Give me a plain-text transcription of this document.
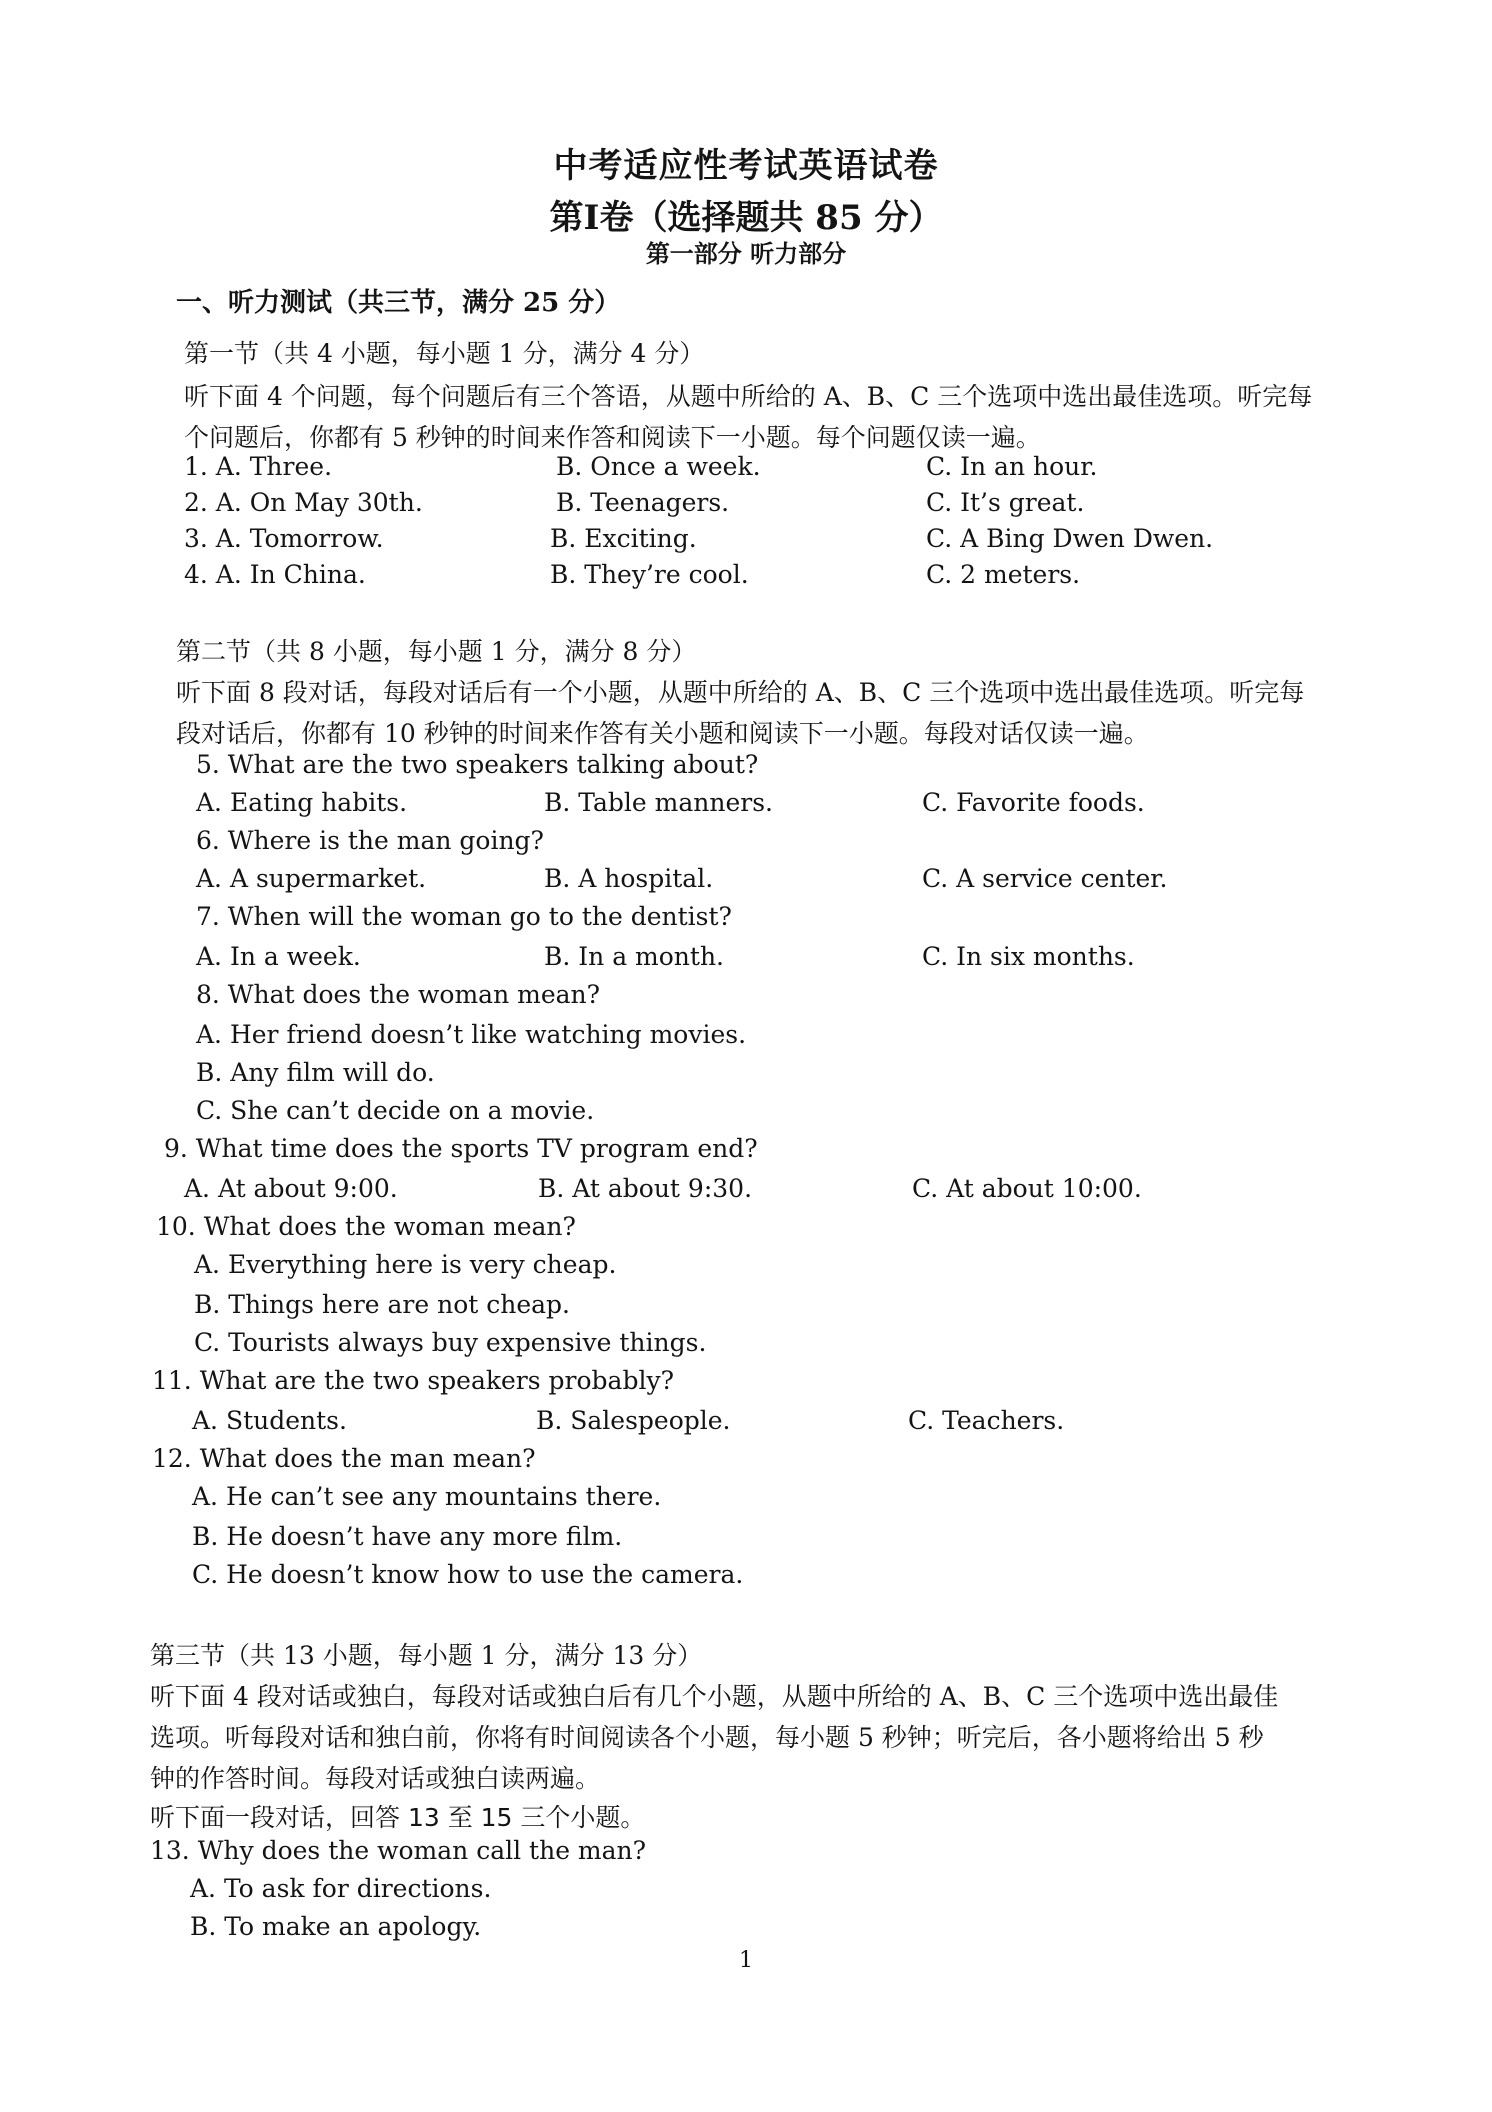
中考适应性考试英语试卷
第Ⅰ卷（选择题共 85 分）
第一部分 听力部分
一、听力测试（共三节，满分 25 分）
第一节（共 4 小题，每小题 1 分，满分 4 分）
听下面 4 个问题，每个问题后有三个答语，从题中所给的 A、B、C 三个选项中选出最佳选项。听完每
个问题后，你都有 5 秒钟的时间来作答和阅读下一小题。每个问题仅读一遍。
1. A. Three.	B. Once a week.	C. In an hour.
2. A. On May 30th.	B. Teenagers.	C. It’s great.
3. A. Tomorrow.	B. Exciting.	C. A Bing Dwen Dwen.
4. A. In China.	B. They’re cool.	C. 2 meters.
第二节（共 8 小题，每小题 1 分，满分 8 分）
听下面 8 段对话，每段对话后有一个小题，从题中所给的 A、B、C 三个选项中选出最佳选项。听完每
段对话后，你都有 10 秒钟的时间来作答有关小题和阅读下一小题。每段对话仅读一遍。
5. What are the two speakers talking about?
A. Eating habits.	B. Table manners.	C. Favorite foods.
6. Where is the man going?
A. A supermarket.	B. A hospital.	C. A service center.
7. When will the woman go to the dentist?
A. In a week.	B. In a month.	C. In six months.
8. What does the woman mean?
A. Her friend doesn’t like watching movies.
B. Any film will do.
C. She can’t decide on a movie.
9. What time does the sports TV program end?
A. At about 9:00.	B. At about 9:30.	C. At about 10:00.
10. What does the woman mean?
A. Everything here is very cheap.
B. Things here are not cheap.
C. Tourists always buy expensive things.
11. What are the two speakers probably?
A. Students.	B. Salespeople.	C. Teachers.
12. What does the man mean?
A. He can’t see any mountains there.
B. He doesn’t have any more film.
C. He doesn’t know how to use the camera.
第三节（共 13 小题，每小题 1 分，满分 13 分）
听下面 4 段对话或独白，每段对话或独白后有几个小题，从题中所给的 A、B、C 三个选项中选出最佳
选项。听每段对话和独白前，你将有时间阅读各个小题，每小题 5 秒钟；听完后，各小题将给出 5 秒
钟的作答时间。每段对话或独白读两遍。
听下面一段对话，回答 13 至 15 三个小题。
13. Why does the woman call the man?
A. To ask for directions.
B. To make an apology.
1
